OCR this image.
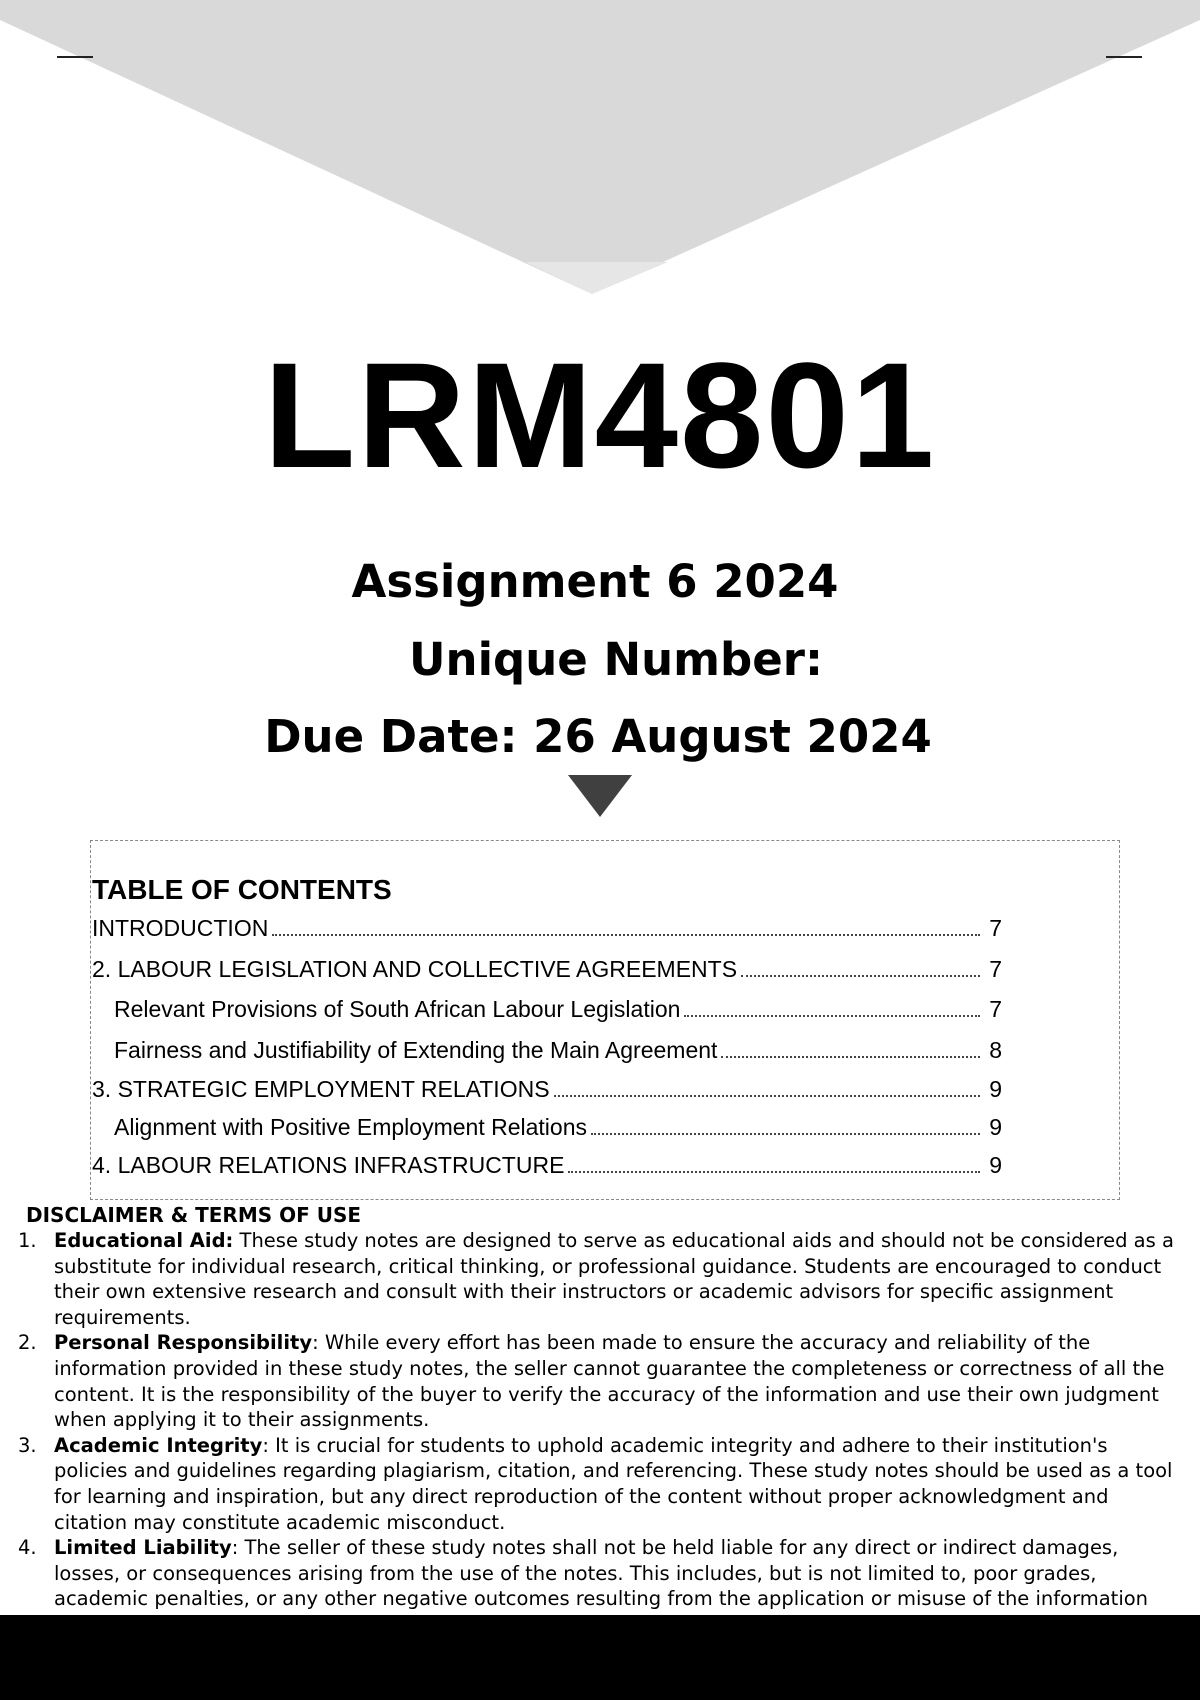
LRM4801
Assignment 6 2024
Unique Number:
Due Date: 26 August 2024
TABLE OF CONTENTS
INTRODUCTION	7
2. LABOUR LEGISLATION AND COLLECTIVE AGREEMENTS	7
Relevant Provisions of South African Labour Legislation	7
Fairness and Justifiability of Extending the Main Agreement	8
3. STRATEGIC EMPLOYMENT RELATIONS	9
Alignment with Positive Employment Relations	9
4. LABOUR RELATIONS INFRASTRUCTURE	9
DISCLAIMER & TERMS OF USE
1. Educational Aid: These study notes are designed to serve as educational aids and should not be considered as a substitute for individual research, critical thinking, or professional guidance. Students are encouraged to conduct their own extensive research and consult with their instructors or academic advisors for specific assignment requirements.
2. Personal Responsibility: While every effort has been made to ensure the accuracy and reliability of the information provided in these study notes, the seller cannot guarantee the completeness or correctness of all the content. It is the responsibility of the buyer to verify the accuracy of the information and use their own judgment when applying it to their assignments.
3. Academic Integrity: It is crucial for students to uphold academic integrity and adhere to their institution's policies and guidelines regarding plagiarism, citation, and referencing. These study notes should be used as a tool for learning and inspiration, but any direct reproduction of the content without proper acknowledgment and citation may constitute academic misconduct.
4. Limited Liability: The seller of these study notes shall not be held liable for any direct or indirect damages, losses, or consequences arising from the use of the notes. This includes, but is not limited to, poor grades, academic penalties, or any other negative outcomes resulting from the application or misuse of the information
